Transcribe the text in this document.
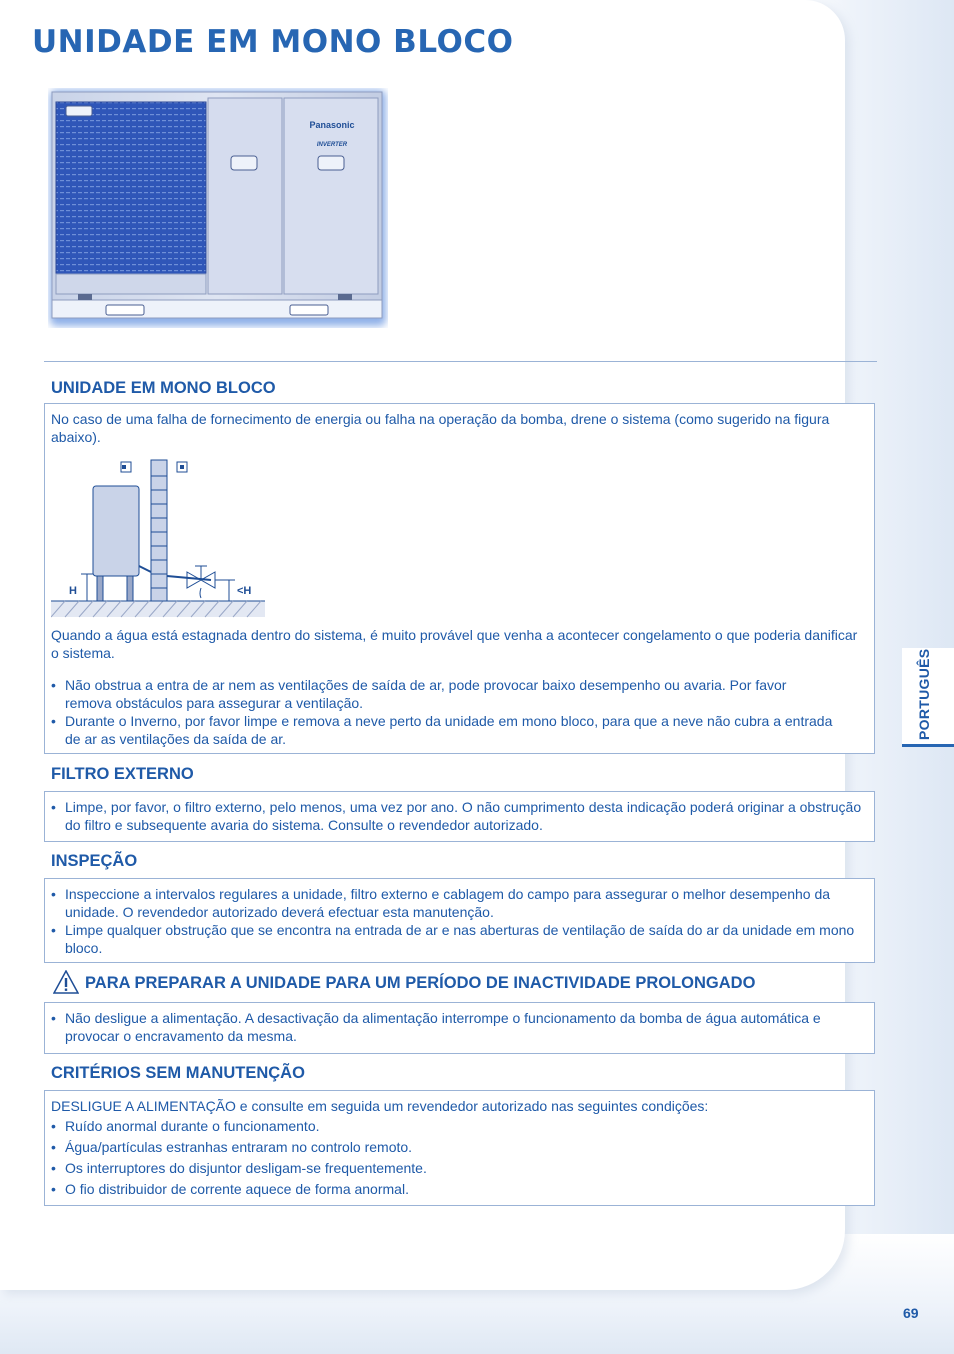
UNIDADE EM MONO BLOCO
Panasonic
INVERTER
UNIDADE EM MONO BLOCO
No caso de uma falha de fornecimento de energia ou falha na operação da bomba, drene o sistema (como sugerido na figura abaixo).
H	<H
Quando a água está estagnada dentro do sistema, é muito provável que venha a acontecer congelamento o que poderia danificar o sistema.
• Não obstrua a entra de ar nem as ventilações de saída de ar, pode provocar baixo desempenho ou avaria. Por favor remova obstáculos para assegurar a ventilação.
• Durante o Inverno, por favor limpe e remova a neve perto da unidade em mono bloco, para que a neve não cubra a entrada de ar as ventilações da saída de ar.
FILTRO EXTERNO
• Limpe, por favor, o filtro externo, pelo menos, uma vez por ano. O não cumprimento desta indicação poderá originar a obstrução do filtro e subsequente avaria do sistema. Consulte o revendedor autorizado.
INSPEÇÃO
• Inspeccione a intervalos regulares a unidade, filtro externo e cablagem do campo para assegurar o melhor desempenho da unidade. O revendedor autorizado deverá efectuar esta manutenção.
• Limpe qualquer obstrução que se encontra na entrada de ar e nas aberturas de ventilação de saída do ar da unidade em mono bloco.
PARA PREPARAR A UNIDADE PARA UM PERÍODO DE INACTIVIDADE PROLONGADO
• Não desligue a alimentação. A desactivação da alimentação interrompe o funcionamento da bomba de água automática e provocar o encravamento da mesma.
CRITÉRIOS SEM MANUTENÇÃO
DESLIGUE A ALIMENTAÇÃO e consulte em seguida um revendedor autorizado nas seguintes condições:
• Ruído anormal durante o funcionamento.
• Água/partículas estranhas entraram no controlo remoto.
• Os interruptores do disjuntor desligam-se frequentemente.
• O fio distribuidor de corrente aquece de forma anormal.
PORTUGUÊS
69
